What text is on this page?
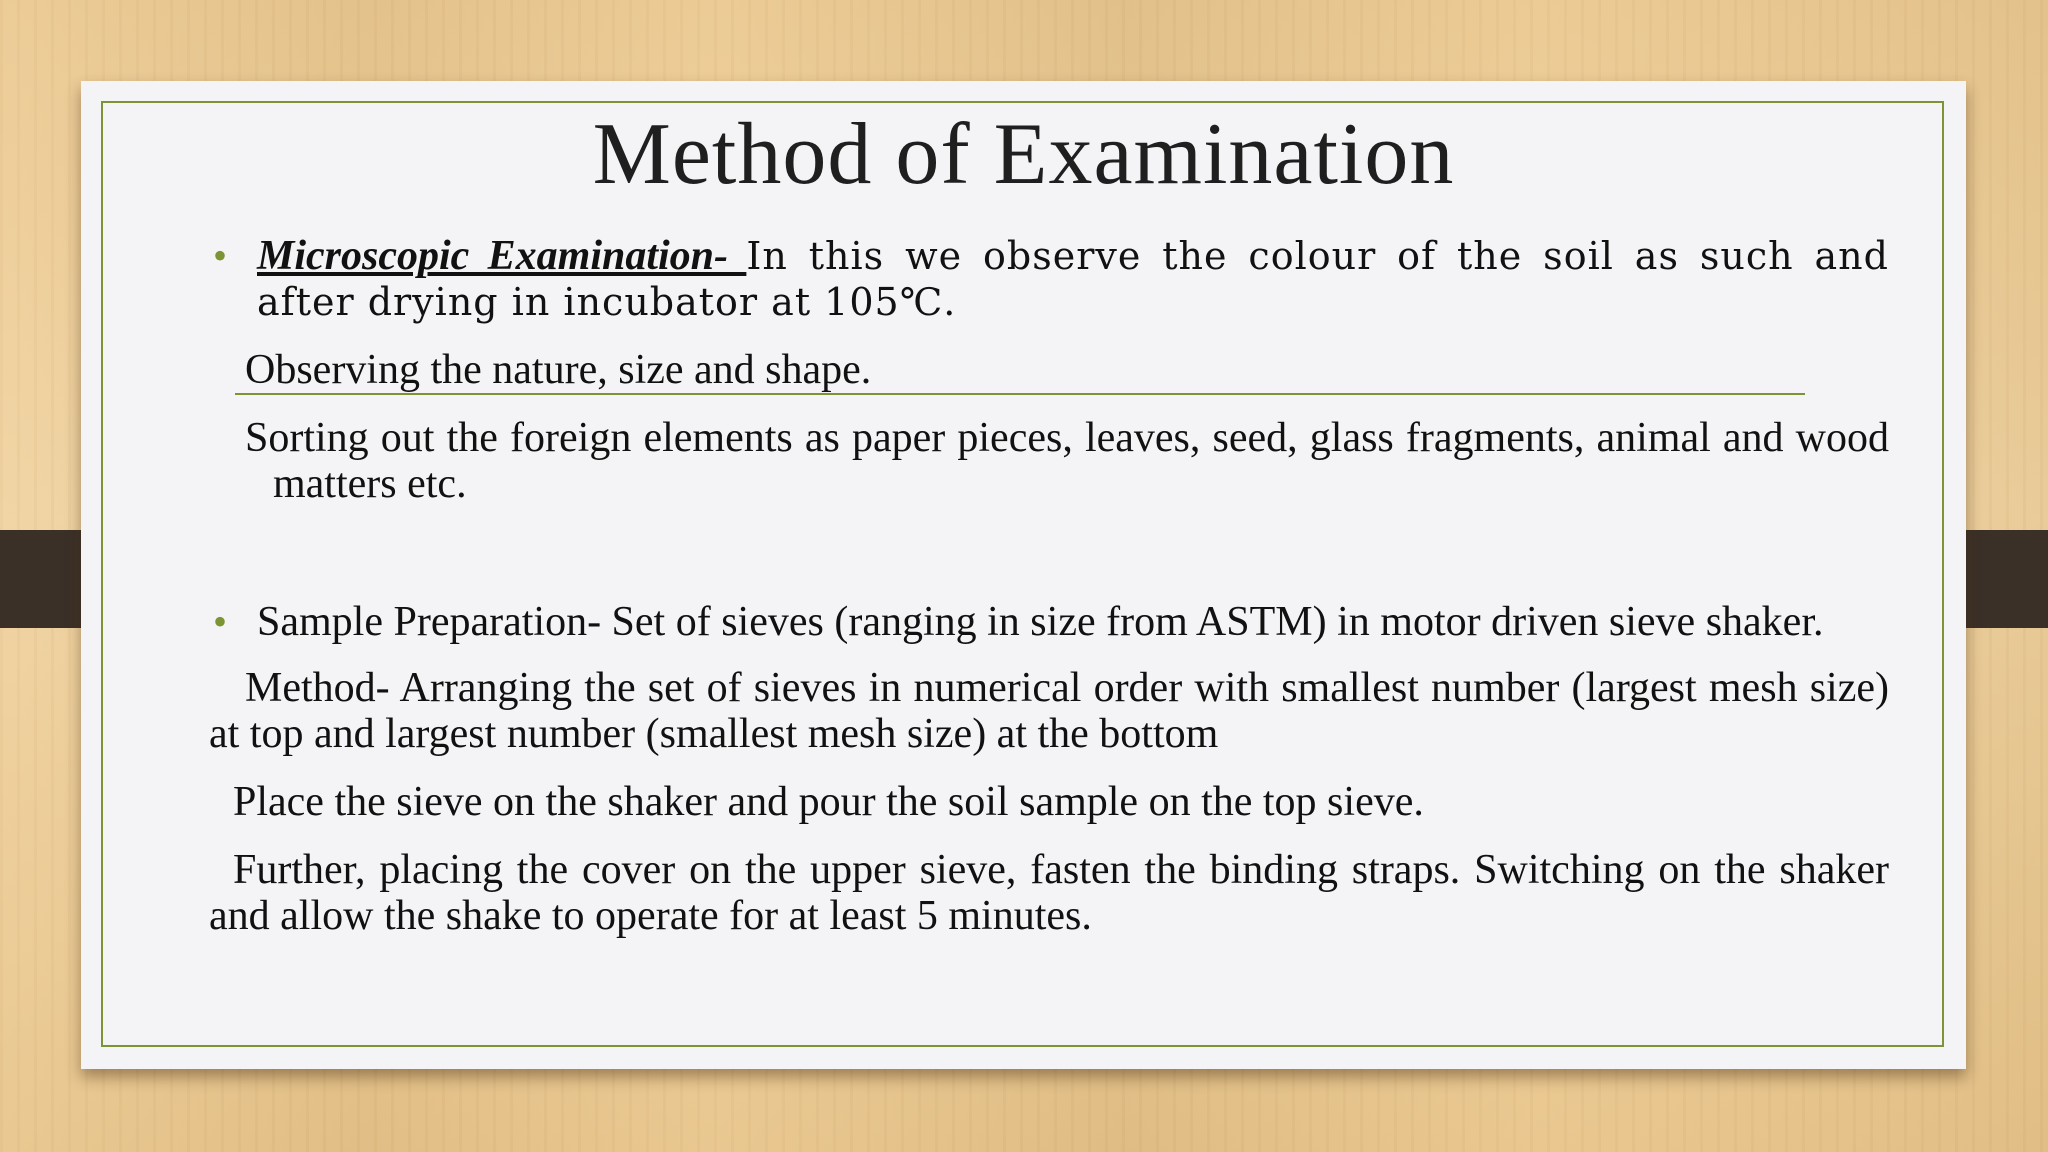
Method of Examination
• Microscopic Examination- In this we observe the colour of the soil as such and after drying in incubator at 105℃.
Observing the nature, size and shape.
Sorting out the foreign elements as paper pieces, leaves, seed, glass fragments, animal and wood matters etc.
• Sample Preparation- Set of sieves (ranging in size from ASTM) in motor driven sieve shaker.
Method- Arranging the set of sieves in numerical order with smallest number (largest mesh size) at top and largest number (smallest mesh size) at the bottom
Place the sieve on the shaker and pour the soil sample on the top sieve.
Further, placing the cover on the upper sieve, fasten the binding straps. Switching on the shaker and allow the shake to operate for at least 5 minutes.
